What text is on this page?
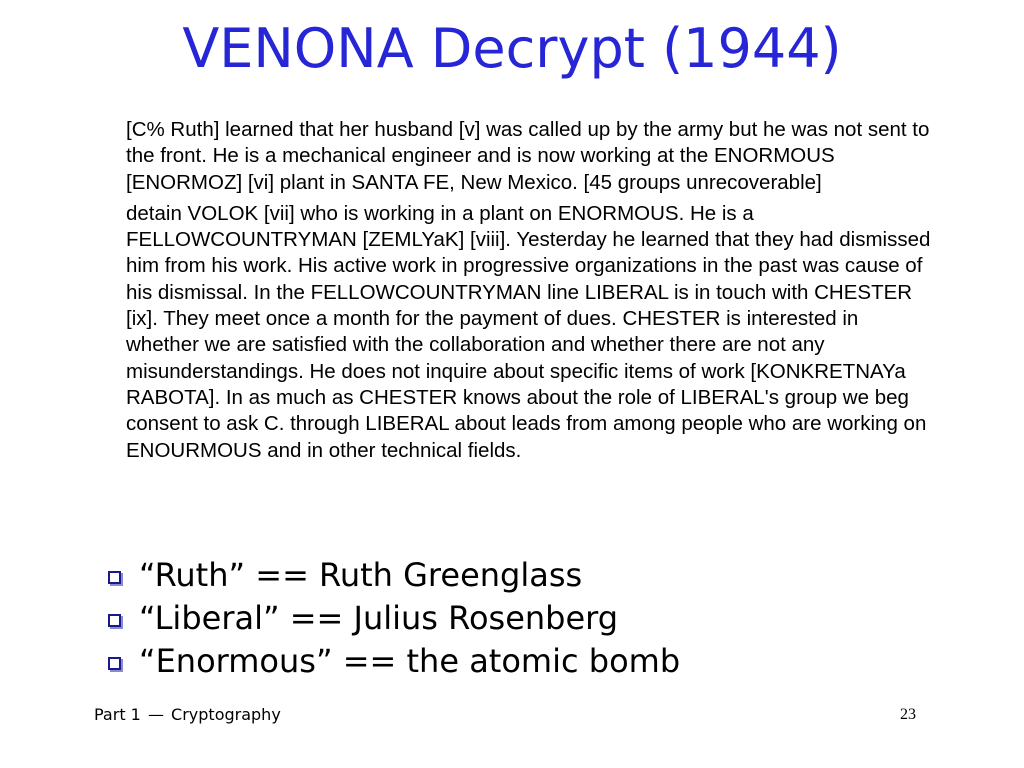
VENONA Decrypt (1944)

[C% Ruth] learned that her husband [v] was called up by the army but he was not sent to the front. He is a mechanical engineer and is now working at the ENORMOUS [ENORMOZ] [vi] plant in SANTA FE, New Mexico. [45 groups unrecoverable]

detain VOLOK [vii] who is working in a plant on ENORMOUS. He is a FELLOWCOUNTRYMAN [ZEMLYaK] [viii]. Yesterday he learned that they had dismissed him from his work. His active work in progressive organizations in the past was cause of his dismissal. In the FELLOWCOUNTRYMAN line LIBERAL is in touch with CHESTER [ix]. They meet once a month for the payment of dues. CHESTER is interested in whether we are satisfied with the collaboration and whether there are not any misunderstandings. He does not inquire about specific items of work [KONKRETNAYa RABOTA]. In as much as CHESTER knows about the role of LIBERAL's group we beg consent to ask C. through LIBERAL about leads from among people who are working on ENOURMOUS and in other technical fields.

“Ruth” == Ruth Greenglass
“Liberal” == Julius Rosenberg
“Enormous” == the atomic bomb
Part 1 — Cryptography	23
